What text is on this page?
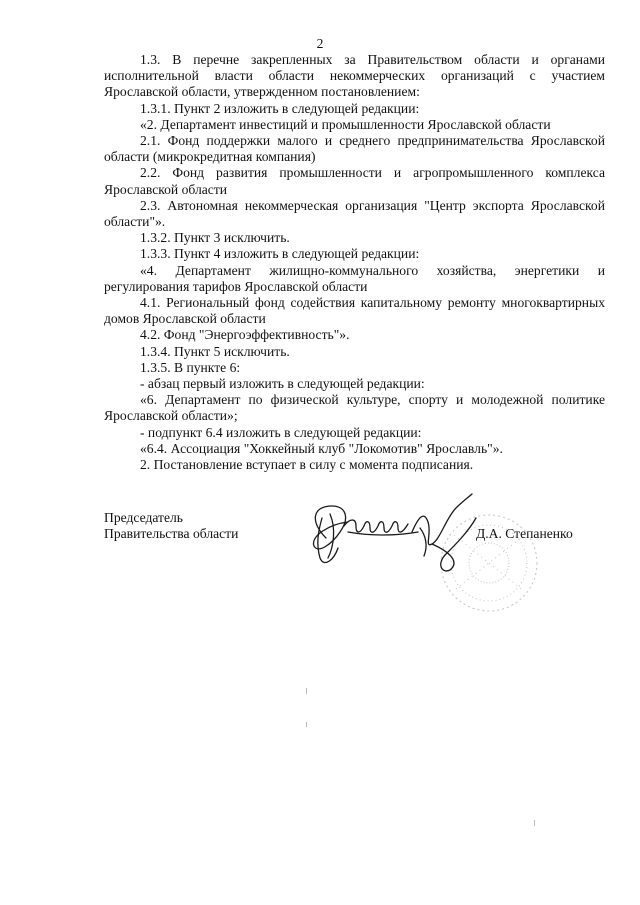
2

1.3. В перечне закрепленных за Правительством области и органами исполнительной власти области некоммерческих организаций с участием Ярославской области, утвержденном постановлением:

1.3.1. Пункт 2 изложить в следующей редакции:

«2. Департамент инвестиций и промышленности Ярославской области

2.1. Фонд поддержки малого и среднего предпринимательства Ярославской области (микрокредитная компания)

2.2. Фонд развития промышленности и агропромышленного комплекса Ярославской области

2.3. Автономная некоммерческая организация "Центр экспорта Ярославской области"».

1.3.2. Пункт 3 исключить.

1.3.3. Пункт 4 изложить в следующей редакции:

«4. Департамент жилищно-коммунального хозяйства, энергетики и регулирования тарифов Ярославской области

4.1. Региональный фонд содействия капитальному ремонту многоквартирных домов Ярославской области

4.2. Фонд "Энергоэффективность"».

1.3.4. Пункт 5 исключить.

1.3.5. В пункте 6:

- абзац первый изложить в следующей редакции:

«6. Департамент по физической культуре, спорту и молодежной политике Ярославской области»;

- подпункт 6.4 изложить в следующей редакции:

«6.4. Ассоциация "Хоккейный клуб "Локомотив" Ярославль"».

2. Постановление вступает в силу с момента подписания.

Председатель
Правительства области	Д.А. Степаненко
